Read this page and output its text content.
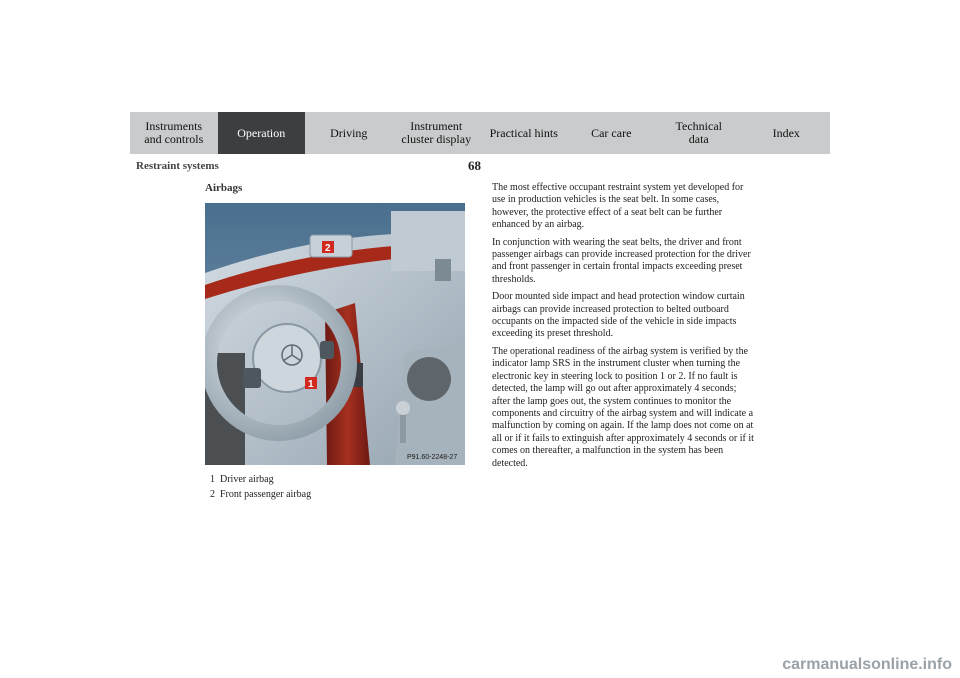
Instruments
and controls	Operation	Driving	Instrument
cluster display	Practical hints	Car care	Technical
data	Index
68
Restraint systems
Airbags
1
2
P91.60-2248-27
1  Driver airbag
2  Front passenger airbag

The most effective occupant restraint system yet developed for use in production vehicles is the seat belt. In some cases, however, the protective effect of a seat belt can be further enhanced by an airbag.

In conjunction with wearing the seat belts, the driver and front passenger airbags can provide increased protection for the driver and front passenger in certain frontal impacts exceeding preset thresholds.

Door mounted side impact and head protection window curtain airbags can provide increased protection to belted outboard occupants on the impacted side of the vehicle in side impacts exceeding its preset threshold.

The operational readiness of the airbag system is verified by the indicator lamp SRS in the instrument cluster when turning the electronic key in steering lock to position 1 or 2. If no fault is detected, the lamp will go out after approximately 4 seconds; after the lamp goes out, the system continues to monitor the components and circuitry of the airbag system and will indicate a malfunction by coming on again. If the lamp does not come on at all or if it fails to extinguish after approximately 4 seconds or if it comes on thereafter, a malfunction in the system has been detected.

carmanualsonline.info
